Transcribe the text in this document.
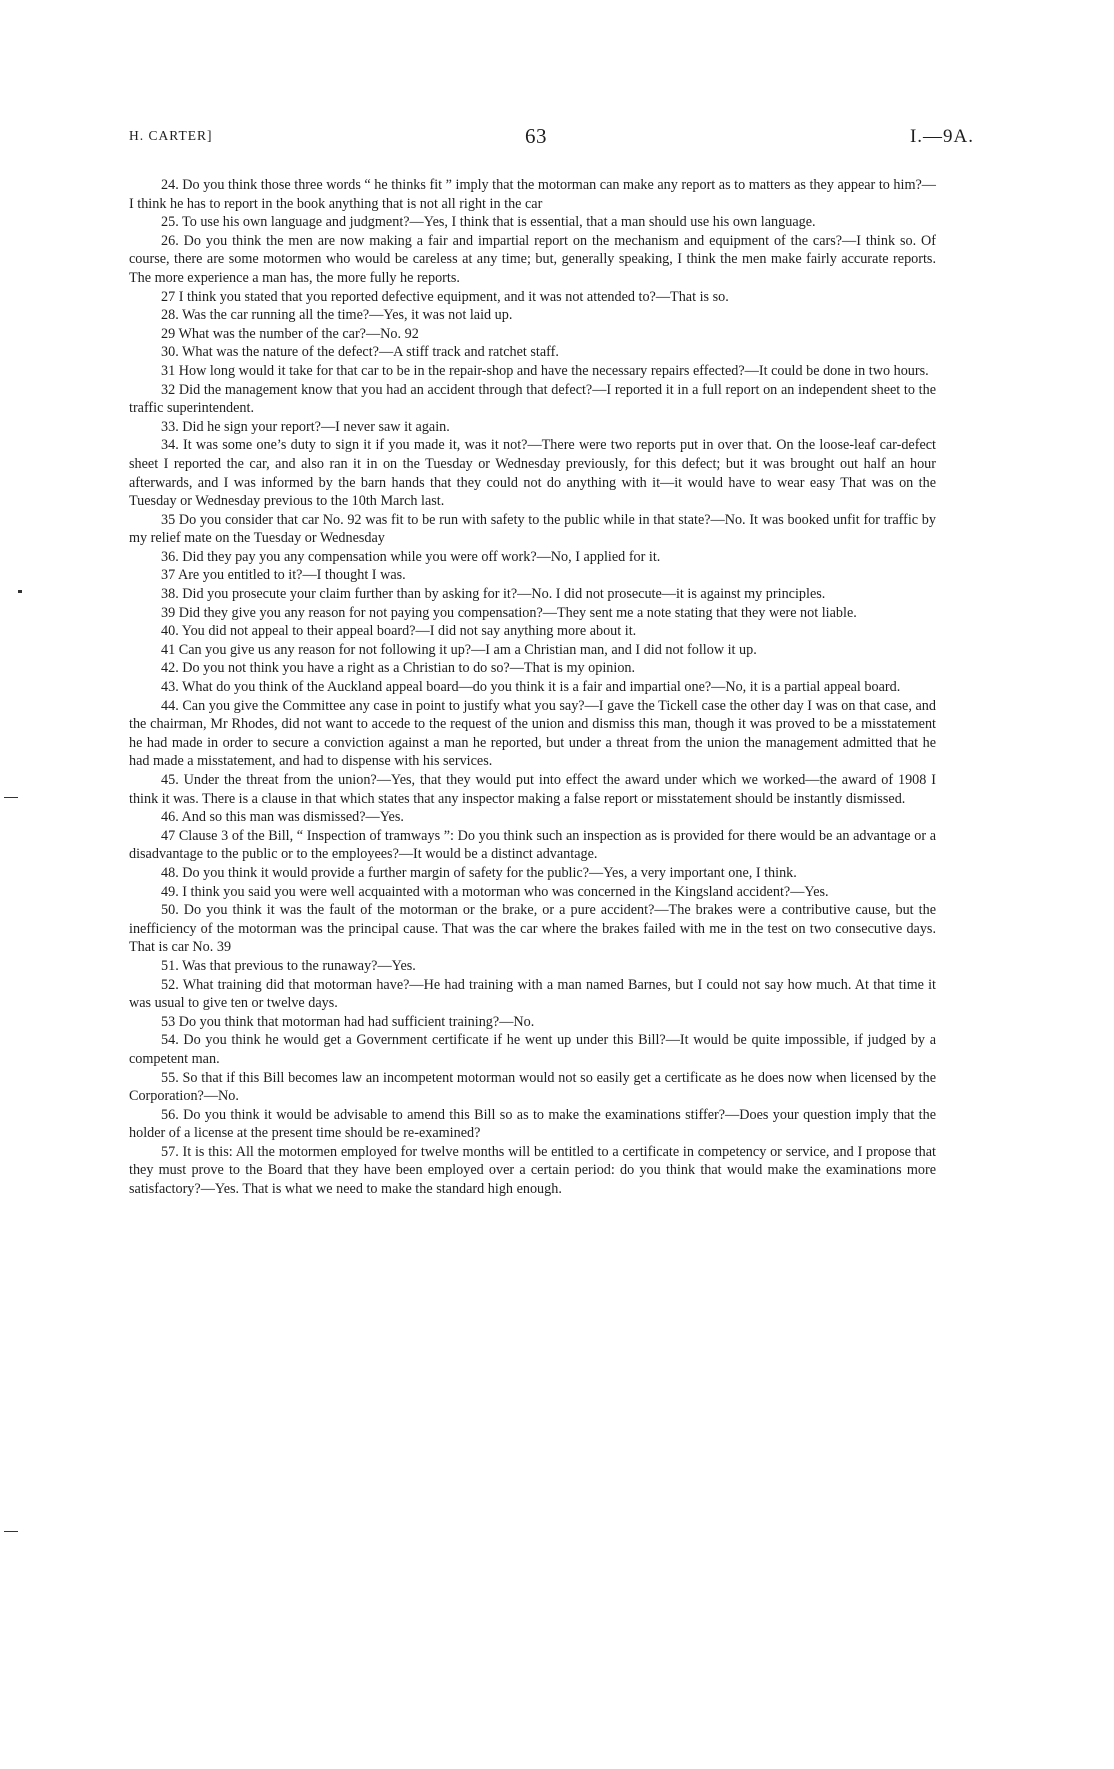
H. CARTER]	63	I.—9A.

24. Do you think those three words “ he thinks fit ” imply that the motorman can make any report as to matters as they appear to him?—I think he has to report in the book anything that is not all right in the car

25. To use his own language and judgment?—Yes, I think that is essential, that a man should use his own language.

26. Do you think the men are now making a fair and impartial report on the mechanism and equipment of the cars?—I think so. Of course, there are some motormen who would be careless at any time; but, generally speaking, I think the men make fairly accurate reports. The more experience a man has, the more fully he reports.

27 I think you stated that you reported defective equipment, and it was not attended to?—That is so.

28. Was the car running all the time?—Yes, it was not laid up.

29 What was the number of the car?—No. 92

30. What was the nature of the defect?—A stiff track and ratchet staff.

31 How long would it take for that car to be in the repair-shop and have the necessary repairs effected?—It could be done in two hours.

32 Did the management know that you had an accident through that defect?—I reported it in a full report on an independent sheet to the traffic superintendent.

33. Did he sign your report?—I never saw it again.

34. It was some one’s duty to sign it if you made it, was it not?—There were two reports put in over that. On the loose-leaf car-defect sheet I reported the car, and also ran it in on the Tuesday or Wednesday previously, for this defect; but it was brought out half an hour afterwards, and I was informed by the barn hands that they could not do anything with it—it would have to wear easy That was on the Tuesday or Wednesday previous to the 10th March last.

35 Do you consider that car No. 92 was fit to be run with safety to the public while in that state?—No. It was booked unfit for traffic by my relief mate on the Tuesday or Wednesday

36. Did they pay you any compensation while you were off work?—No, I applied for it.

37 Are you entitled to it?—I thought I was.

38. Did you prosecute your claim further than by asking for it?—No. I did not prosecute—it is against my principles.

39 Did they give you any reason for not paying you compensation?—They sent me a note stating that they were not liable.

40. You did not appeal to their appeal board?—I did not say anything more about it.

41 Can you give us any reason for not following it up?—I am a Christian man, and I did not follow it up.

42. Do you not think you have a right as a Christian to do so?—That is my opinion.

43. What do you think of the Auckland appeal board—do you think it is a fair and impartial one?—No, it is a partial appeal board.

44. Can you give the Committee any case in point to justify what you say?—I gave the Tickell case the other day I was on that case, and the chairman, Mr Rhodes, did not want to accede to the request of the union and dismiss this man, though it was proved to be a misstatement he had made in order to secure a conviction against a man he reported, but under a threat from the union the management admitted that he had made a misstatement, and had to dispense with his services.

45. Under the threat from the union?—Yes, that they would put into effect the award under which we worked—the award of 1908 I think it was. There is a clause in that which states that any inspector making a false report or misstatement should be instantly dismissed.

46. And so this man was dismissed?—Yes.

47 Clause 3 of the Bill, “ Inspection of tramways ”: Do you think such an inspection as is provided for there would be an advantage or a disadvantage to the public or to the employees?—It would be a distinct advantage.

48. Do you think it would provide a further margin of safety for the public?—Yes, a very important one, I think.

49. I think you said you were well acquainted with a motorman who was concerned in the Kingsland accident?—Yes.

50. Do you think it was the fault of the motorman or the brake, or a pure accident?—The brakes were a contributive cause, but the inefficiency of the motorman was the principal cause. That was the car where the brakes failed with me in the test on two consecutive days. That is car No. 39

51. Was that previous to the runaway?—Yes.

52. What training did that motorman have?—He had training with a man named Barnes, but I could not say how much. At that time it was usual to give ten or twelve days.

53 Do you think that motorman had had sufficient training?—No.

54. Do you think he would get a Government certificate if he went up under this Bill?—It would be quite impossible, if judged by a competent man.

55. So that if this Bill becomes law an incompetent motorman would not so easily get a certificate as he does now when licensed by the Corporation?—No.

56. Do you think it would be advisable to amend this Bill so as to make the examinations stiffer?—Does your question imply that the holder of a license at the present time should be re-examined?

57. It is this: All the motormen employed for twelve months will be entitled to a certificate in competency or service, and I propose that they must prove to the Board that they have been employed over a certain period: do you think that would make the examinations more satisfactory?—Yes. That is what we need to make the standard high enough.
